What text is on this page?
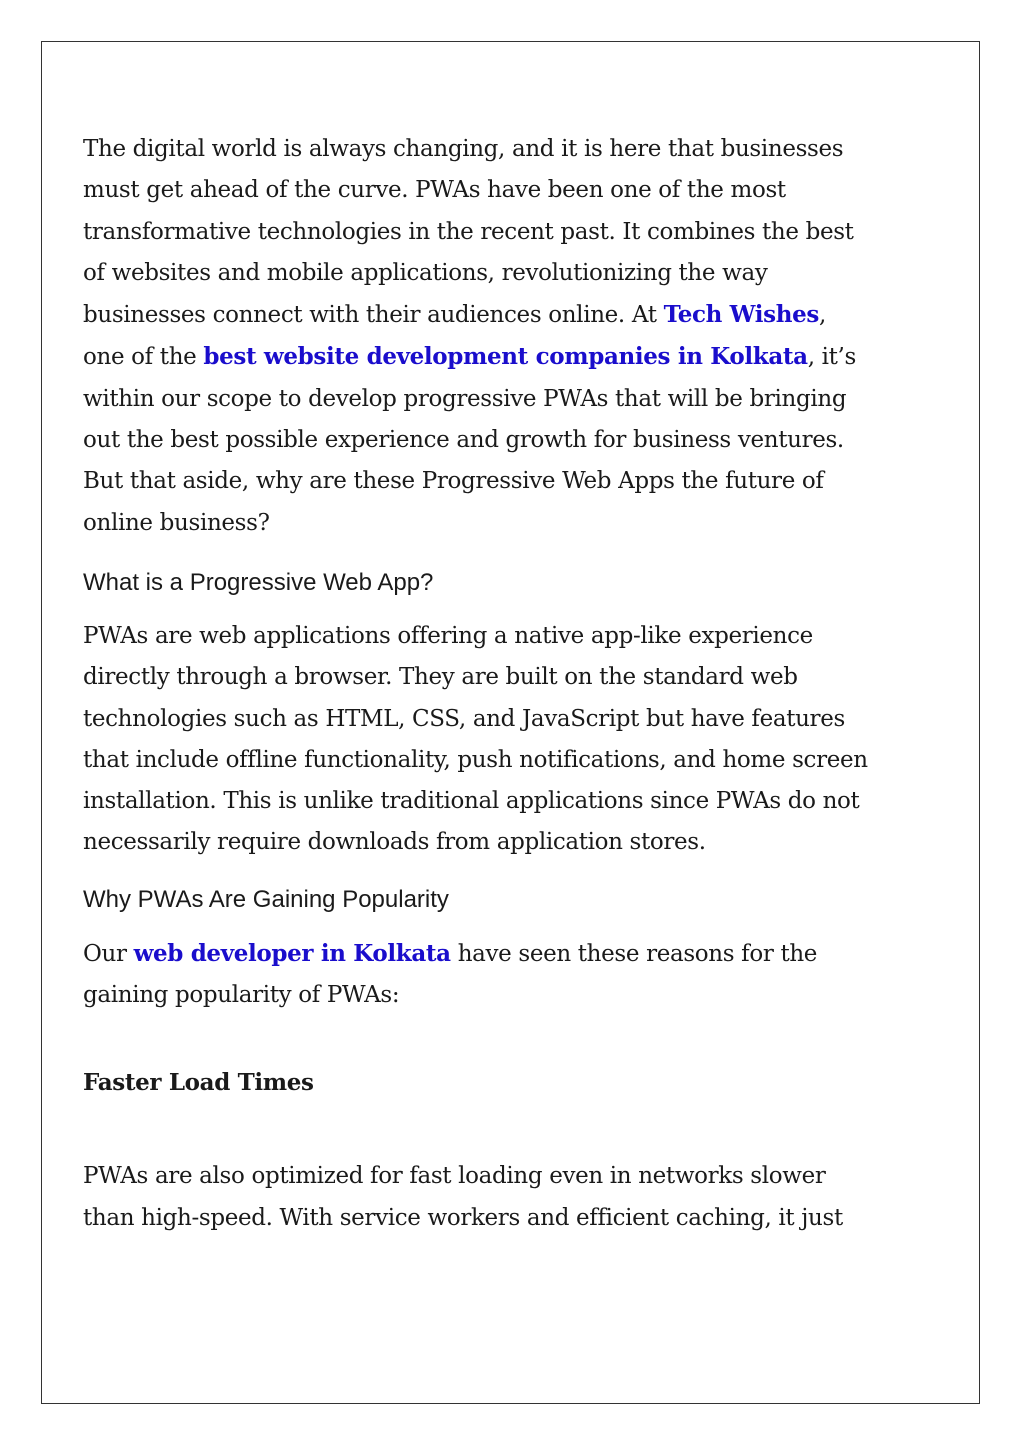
The digital world is always changing, and it is here that businesses must get ahead of the curve. PWAs have been one of the most transformative technologies in the recent past. It combines the best of websites and mobile applications, revolutionizing the way businesses connect with their audiences online. At Tech Wishes, one of the best website development companies in Kolkata, it’s within our scope to develop progressive PWAs that will be bringing out the best possible experience and growth for business ventures. But that aside, why are these Progressive Web Apps the future of online business?

What is a Progressive Web App?

PWAs are web applications offering a native app-like experience directly through a browser. They are built on the standard web technologies such as HTML, CSS, and JavaScript but have features that include offline functionality, push notifications, and home screen installation. This is unlike traditional applications since PWAs do not necessarily require downloads from application stores.

Why PWAs Are Gaining Popularity

Our web developer in Kolkata have seen these reasons for the gaining popularity of PWAs:

Faster Load Times

PWAs are also optimized for fast loading even in networks slower than high-speed. With service workers and efficient caching, it just
